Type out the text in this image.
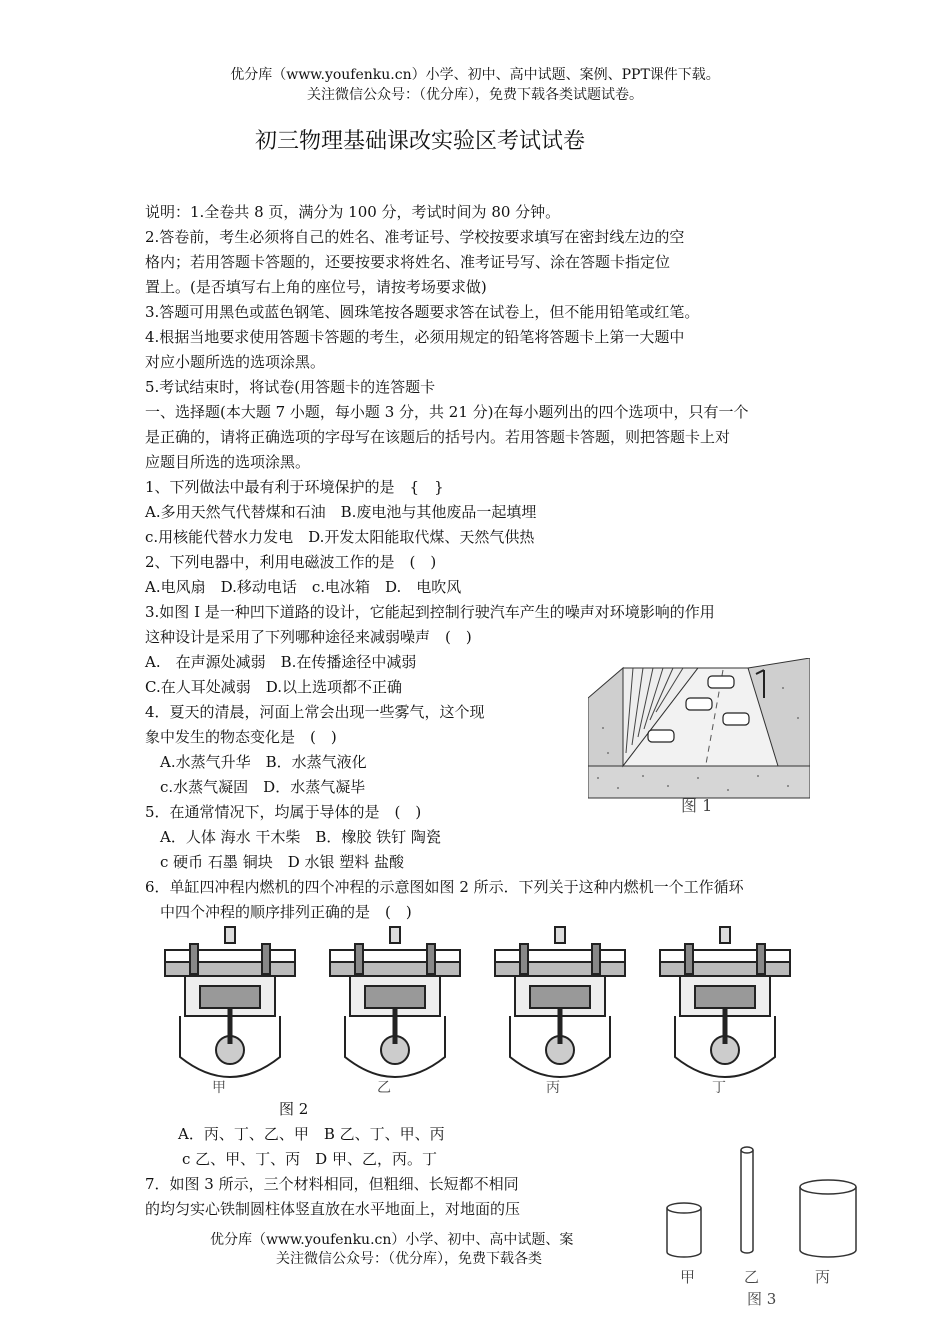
优分库（www.youfenku.cn）小学、初中、高中试题、案例、PPT课件下载。
关注微信公众号：（优分库），免费下载各类试题试卷。
初三物理基础课改实验区考试试卷
说明：1.全卷共 8 页，满分为 100 分，考试时间为 80 分钟。
2.答卷前，考生必须将自己的姓名、准考证号、学校按要求填写在密封线左边的空
格内；若用答题卡答题的，还要按要求将姓名、准考证号写、涂在答题卡指定位
置上。(是否填写右上角的座位号，请按考场要求做)
3.答题可用黑色或蓝色钢笔、圆珠笔按各题要求答在试卷上，但不能用铅笔或红笔。
4.根据当地要求使用答题卡答题的考生，必须用规定的铅笔将答题卡上第一大题中
对应小题所选的选项涂黑。
5.考试结束时，将试卷(用答题卡的连答题卡
一、选择题(本大题 7 小题，每小题 3 分，共 21 分)在每小题列出的四个选项中，只有一个
是正确的，请将正确选项的字母写在该题后的括号内。若用答题卡答题，则把答题卡上对
应题目所选的选项涂黑。
1、下列做法中最有利于环境保护的是　{　}
A.多用天然气代替煤和石油　B.废电池与其他废品一起填埋
c.用核能代替水力发电　D.开发太阳能取代煤、天然气供热
2、下列电器中，利用电磁波工作的是　(　)
A.电风扇　D.移动电话　c.电冰箱　D.　电吹风
3.如图 I 是一种凹下道路的设计，它能起到控制行驶汽车产生的噪声对环境影响的作用
这种设计是采用了下列哪种途径来减弱噪声　(　)
A.　在声源处减弱　B.在传播途径中减弱
C.在人耳处减弱　D.以上选项都不正确
4．夏天的清晨，河面上常会出现一些雾气，这个现
象中发生的物态变化是　(　)
　A.水蒸气升华　B．水蒸气液化
　c.水蒸气凝固　D．水蒸气凝毕
5．在通常情况下，均属于导体的是　(　)
　A．人体 海水 干木柴　B．橡胶 铁钉 陶瓷
　c 硬币 石墨 铜块　D 水银 塑料 盐酸
6．单缸四冲程内燃机的四个冲程的示意图如图 2 所示．下列关于这种内燃机一个工作循环
　中四个冲程的顺序排列正确的是　(　)
图 1
甲	乙	丙	丁
图 2
A．丙、丁、乙、甲　B 乙、丁、甲、丙
c 乙、甲、丁、丙　D 甲、乙，丙。丁
7．如图 3 所示，三个材料相同，但粗细、长短都不相同
的均匀实心铁制圆柱体竖直放在水平地面上，对地面的压
甲	乙	丙
图 3
优分库（www.youfenku.cn）小学、初中、高中试题、案
关注微信公众号：（优分库），免费下载各类
